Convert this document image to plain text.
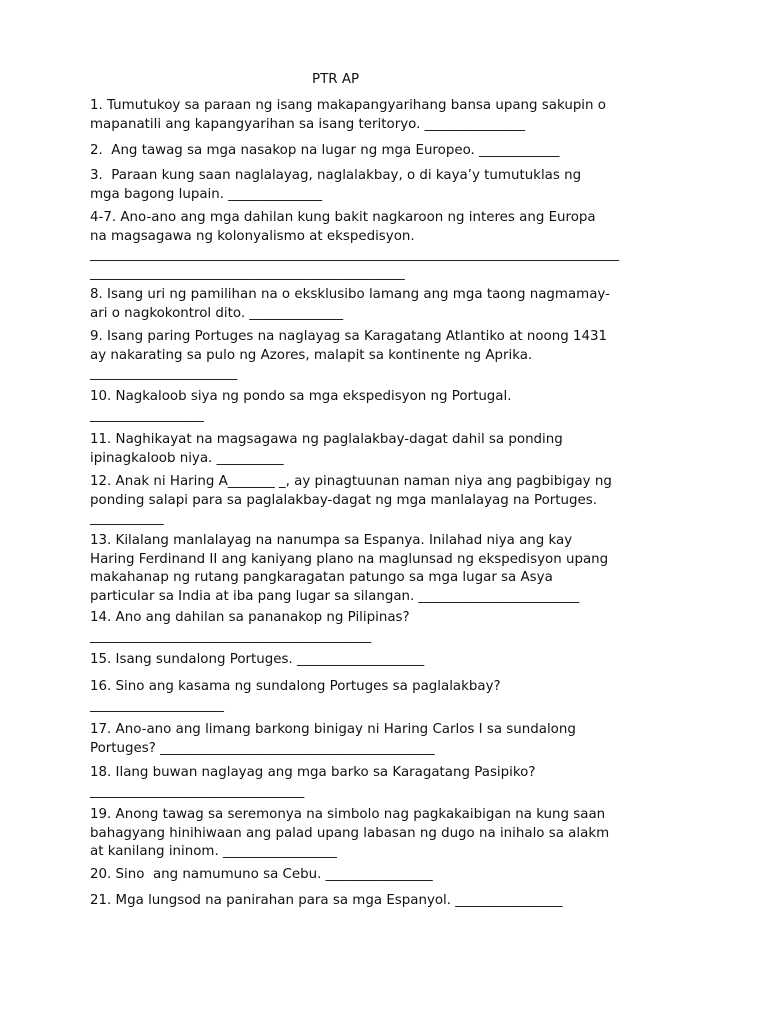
PTR AP

1. Tumutukoy sa paraan ng isang makapangyarihang bansa upang sakupin o
mapanatili ang kapangyarihan sa isang teritoryo. _______________

2.  Ang tawag sa mga nasakop na lugar ng mga Europeo. ____________

3.  Paraan kung saan naglalayag, naglalakbay, o di kaya’y tumutuklas ng
mga bagong lupain. ______________

4-7. Ano-ano ang mga dahilan kung bakit nagkaroon ng interes ang Europa
na magsagawa ng kolonyalismo at ekspedisyon.
_______________________________________________________________________________
_______________________________________________

8. Isang uri ng pamilihan na o eksklusibo lamang ang mga taong nagmamay-
ari o nagkokontrol dito. ______________

9. Isang paring Portuges na naglayag sa Karagatang Atlantiko at noong 1431
ay nakarating sa pulo ng Azores, malapit sa kontinente ng Aprika.
______________________

10. Nagkaloob siya ng pondo sa mga ekspedisyon ng Portugal.
_________________

11. Naghikayat na magsagawa ng paglalakbay-dagat dahil sa ponding
ipinagkaloob niya. __________

12. Anak ni Haring A_______ _, ay pinagtuunan naman niya ang pagbibigay ng
ponding salapi para sa paglalakbay-dagat ng mga manlalayag na Portuges.
___________

13. Kilalang manlalayag na nanumpa sa Espanya. Inilahad niya ang kay
Haring Ferdinand II ang kaniyang plano na maglunsad ng ekspedisyon upang
makahanap ng rutang pangkaragatan patungo sa mga lugar sa Asya
particular sa India at iba pang lugar sa silangan. ________________________

14. Ano ang dahilan sa pananakop ng Pilipinas?
__________________________________________

15. Isang sundalong Portuges. ___________________

16. Sino ang kasama ng sundalong Portuges sa paglalakbay?
____________________

17. Ano-ano ang limang barkong binigay ni Haring Carlos I sa sundalong
Portuges? _________________________________________

18. Ilang buwan naglayag ang mga barko sa Karagatang Pasipiko?
________________________________

19. Anong tawag sa seremonya na simbolo nag pagkakaibigan na kung saan
bahagyang hinihiwaan ang palad upang labasan ng dugo na inihalo sa alakm
at kanilang ininom. _________________

20. Sino  ang namumuno sa Cebu. ________________

21. Mga lungsod na panirahan para sa mga Espanyol. ________________
